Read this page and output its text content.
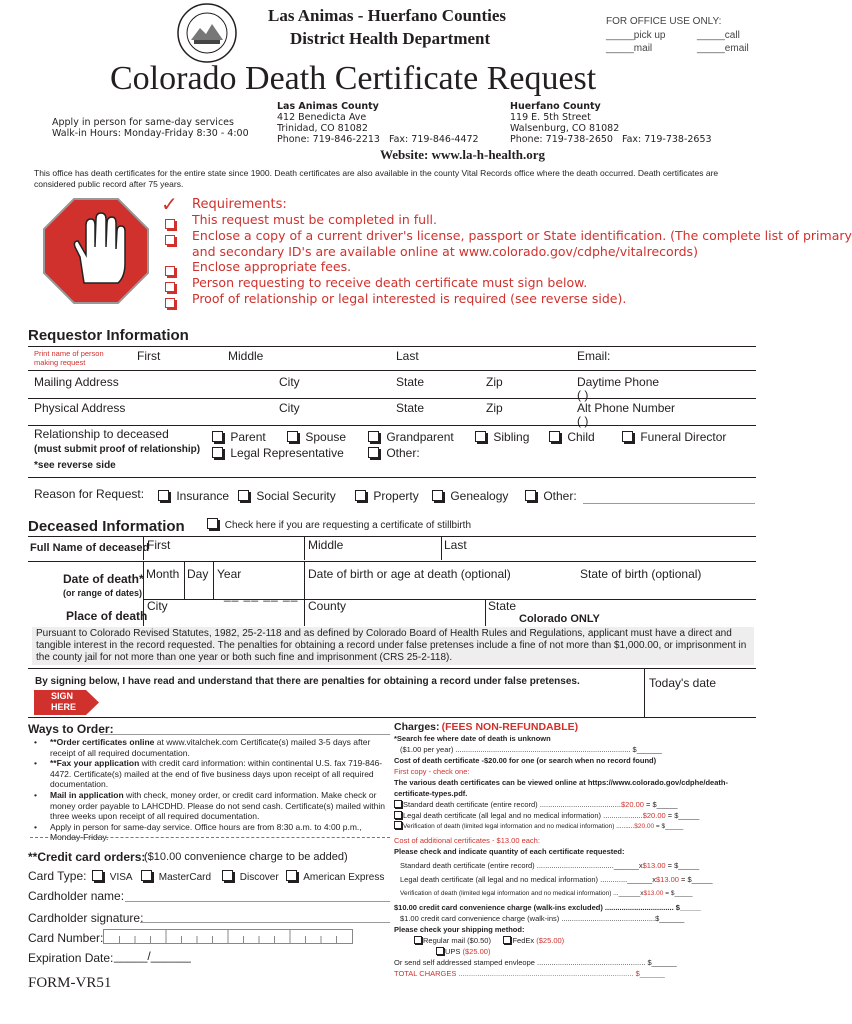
Las Animas - Huerfano Counties
District Health Department
FOR OFFICE USE ONLY:
_____pick up	_____call
_____mail	_____email
Colorado Death Certificate Request
Apply in person for same-day services
Walk-in Hours: Monday-Friday 8:30 - 4:00
Las Animas County
412 Benedicta Ave
Trinidad, CO 81082
Phone: 719-846-2213 Fax: 719-846-4472
Huerfano County
119 E. 5th Street
Walsenburg, CO 81082
Phone: 719-738-2650 Fax: 719-738-2653
Website: www.la-h-health.org
This office has death certificates for the entire state since 1900. Death certificates are also available in the county Vital Records office where the death occurred. Death certificates are considered public record after 75 years.
✓ Requirements:
This request must be completed in full.
Enclose a copy of a current driver's license, passport or State identification. (The complete list of primary
and secondary ID's are available online at www.colorado.gov/cdphe/vitalrecords)
Enclose appropriate fees.
Person requesting to receive death certificate must sign below.
Proof of relationship or legal interested is required (see reverse side).
Requestor Information
Print name of person making request	First	Middle	Last	Email:
Mailing Address	City	State	Zip	Daytime Phone
( )
Physical Address	City	State	Zip	Alt Phone Number
( )
Relationship to deceased
(must submit proof of relationship)
*see reverse side
Parent	Spouse	Grandparent	Sibling	Child	Funeral Director
Legal Representative	Other:
Reason for Request:	Insurance	Social Security	Property	Genealogy	Other:
Deceased Information	Check here if you are requesting a certificate of stillbirth
Full Name of deceased
First	Middle	Last
Date of death*
(or range of dates)
Month Day Year
__ __ __ __
Date of birth or age at death (optional)	State of birth (optional)
Place of death
City	County	State
Colorado ONLY
Pursuant to Colorado Revised Statutes, 1982, 25-2-118 and as defined by Colorado Board of Health Rules and Regulations, applicant must have a direct and tangible interest in the record requested. The penalties for obtaining a record under false pretenses include a fine of not more than $1,000.00, or imprisonment in the county jail for not more than one year or both such fine and imprisonment (CRS 25-2-118).
By signing below, I have read and understand that there are penalties for obtaining a record under false pretenses.	Today's date
SIGN
HERE
Ways to Order:
• **Order certificates online at www.vitalchek.com Certificate(s) mailed 3-5 days after receipt of all required documentation.
• **Fax your application with credit card information: within continental U.S. fax 719-846-4472. Certificate(s) mailed at the end of five business days upon receipt of all required documentation.
• Mail in application with check, money order, or credit card information. Make check or money order payable to LAHCDHD. Please do not send cash. Certificate(s) mailed within three weeks upon receipt of all required documentation.
• Apply in person for same-day service. Office hours are from 8:30 a.m. to 4:00 p.m., Monday-Friday.
**Credit card orders:
($10.00 convenience charge to be added)
Card Type:	VISA	MasterCard	Discover	American Express
Cardholder name:
Cardholder signature:
Card Number:
Expiration Date: _____/______
FORM-VR51
Charges: (FEES NON-REFUNDABLE)
*Search fee where date of death is unknown
($1.00 per year) .................................................................................... $______
Cost of death certificate -$20.00 for one (or search when no record found)
First copy - check one:
The various death certificates can be viewed online at https://www.colorado.gov/cdphe/death-certificate-types.pdf.
Standard death certificate (entire record) .......................................$20.00 = $_____
Legal death certificate (all legal and no medical information) ...................$20.00 = $_____
Verification of death (limited legal information and no medical information) ..........$20.00 = $_____
Cost of additional certificates - $13.00 each:
Please check and indicate quantity of each certificate requested:
Standard death certificate (entire record) .....................................______x$13.00 = $_____
Legal death certificate (all legal and no medical information) .............______x$13.00 = $_____
Verification of death (limited legal information and no medical information) ...______x$13.00 = $_____
$10.00 credit card convenience charge (walk-ins excluded) ................................. $_____
$1.00 credit card convenience charge (walk-ins) .............................................$______
Please check your shipping method:
Regular mail ($0.50)	FedEx ($25.00)
UPS ($25.00)
Or send self addressed stamped envleope .................................................... $______
TOTAL CHARGES .................................................................................... $______
